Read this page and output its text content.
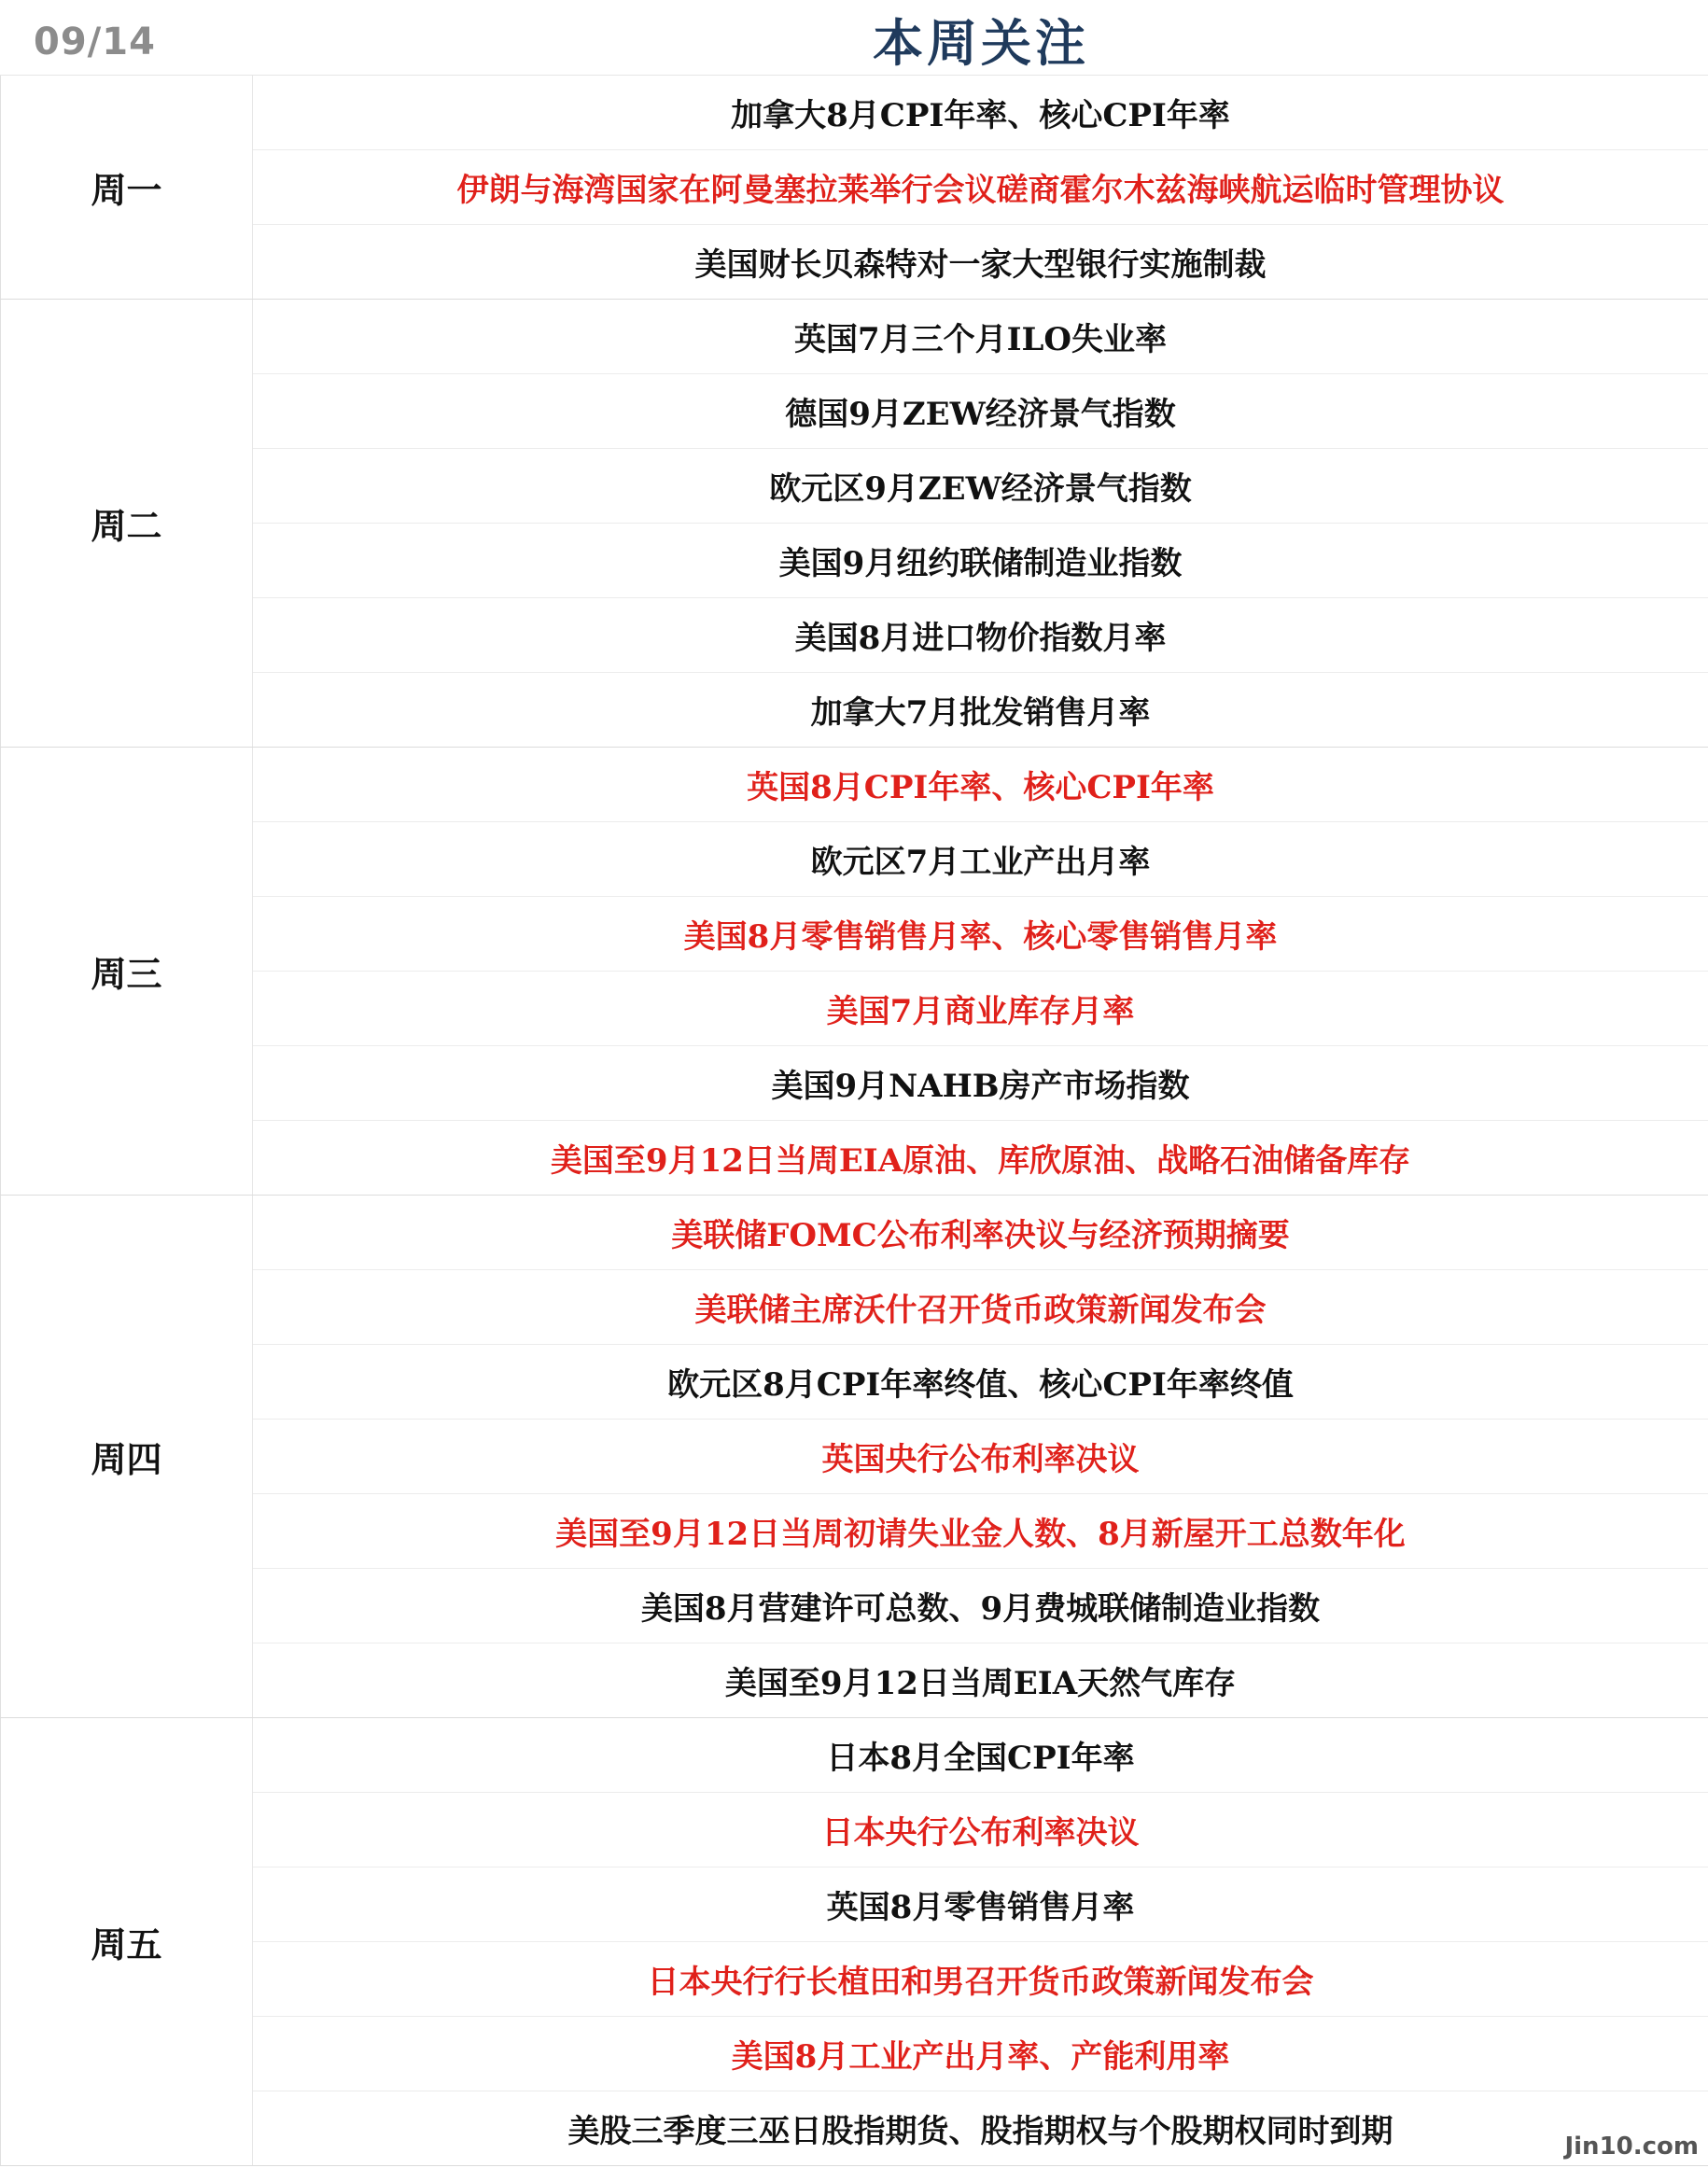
09/14	本周关注
周一
加拿大8月CPI年率、核心CPI年率
伊朗与海湾国家在阿曼塞拉莱举行会议磋商霍尔木兹海峡航运临时管理协议
美国财长贝森特对一家大型银行实施制裁
周二
英国7月三个月ILO失业率
德国9月ZEW经济景气指数
欧元区9月ZEW经济景气指数
美国9月纽约联储制造业指数
美国8月进口物价指数月率
加拿大7月批发销售月率
周三
英国8月CPI年率、核心CPI年率
欧元区7月工业产出月率
美国8月零售销售月率、核心零售销售月率
美国7月商业库存月率
美国9月NAHB房产市场指数
美国至9月12日当周EIA原油、库欣原油、战略石油储备库存
周四
美联储FOMC公布利率决议与经济预期摘要
美联储主席沃什召开货币政策新闻发布会
欧元区8月CPI年率终值、核心CPI年率终值
英国央行公布利率决议
美国至9月12日当周初请失业金人数、8月新屋开工总数年化
美国8月营建许可总数、9月费城联储制造业指数
美国至9月12日当周EIA天然气库存
周五
日本8月全国CPI年率
日本央行公布利率决议
英国8月零售销售月率
日本央行行长植田和男召开货币政策新闻发布会
美国8月工业产出月率、产能利用率
美股三季度三巫日股指期货、股指期权与个股期权同时到期	Jin10.com
